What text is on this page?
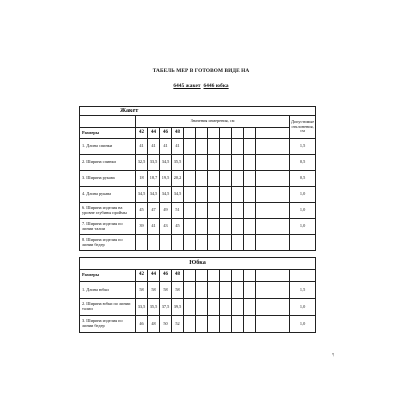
ТАБЕЛЬ МЕР В ГОТОВОМ ВИДЕ НА
6445 жакет 6446 юбка
Жакет												
	Значения измерения, см											Допустимые отклонения, см
Размеры	42	44	46	48								
1. Длина спинки	41	41	41	41								1,5
2. Ширина спинки	32,5	33,5	34,5	35,5								0,5
3. Ширина рукава	18	18,7	19,5	20,2								0,5
4. Длина рукава	34,5	34,5	34,5	34,5								1,0
6. Ширина изделия на уровне глубины проймы	45	47	49	51								1,0
7. Ширина изделия по линии талии	39	41	43	45								1,0
8. Ширина изделия по линии бедер												
Юбка												
Размеры	42	44	46	48								
1. Длина юбки	58	58	58	58								1,5
2. Ширина юбки по линии талии	33,5	35,5	37,5	39,5								1,0
3. Ширина изделия по линии бедер	46	48	50	52								1,0
¶
